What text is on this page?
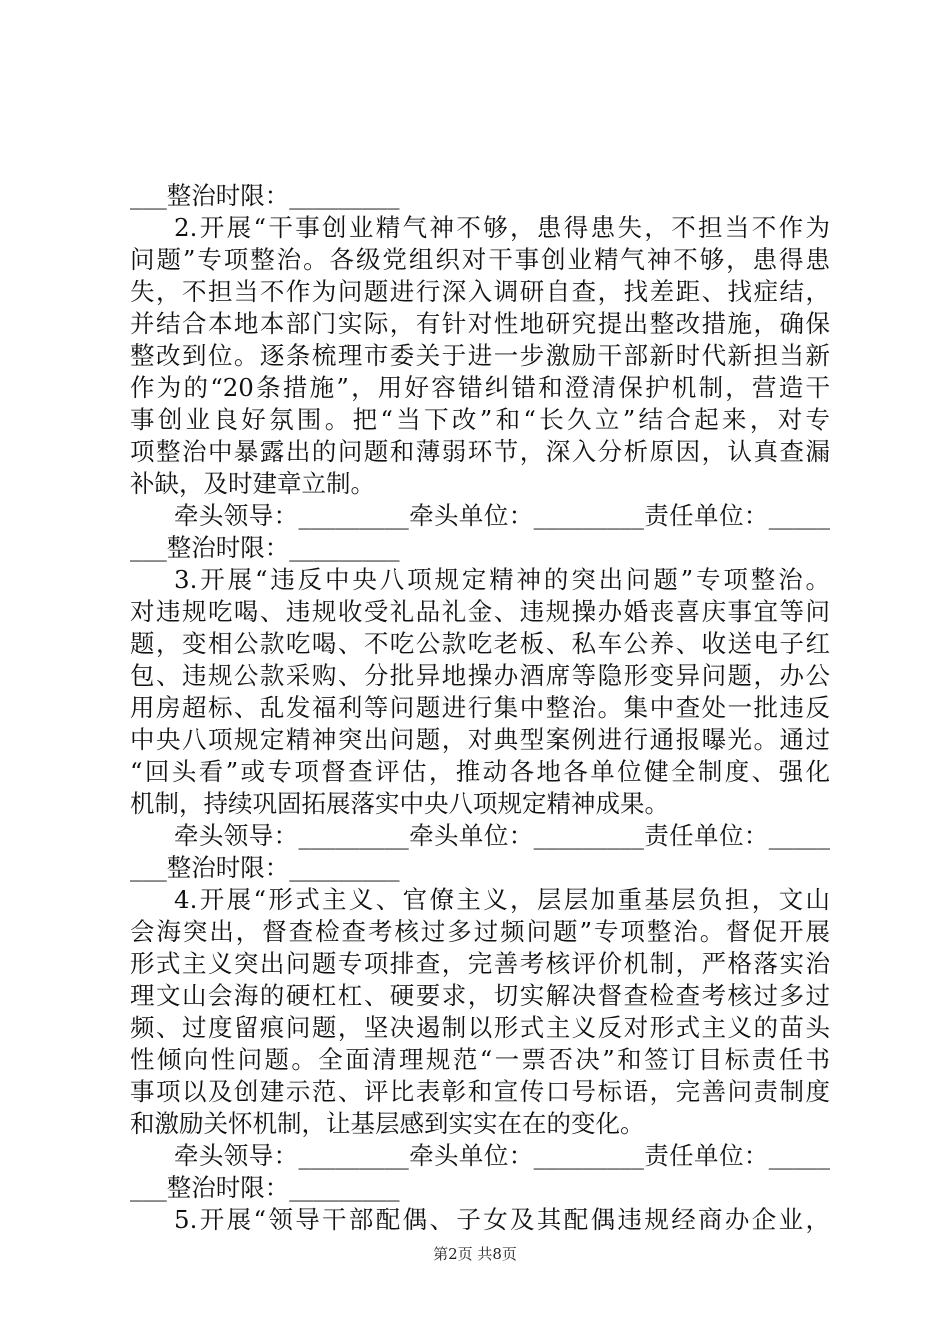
___整治时限：_________
2.开展“干事创业精气神不够，患得患失，不担当不作为
问题”专项整治。各级党组织对干事创业精气神不够，患得患
失，不担当不作为问题进行深入调研自查，找差距、找症结，
并结合本地本部门实际，有针对性地研究提出整改措施，确保
整改到位。逐条梳理市委关于进一步激励干部新时代新担当新
作为的“20条措施”，用好容错纠错和澄清保护机制，营造干
事创业良好氛围。把“当下改”和“长久立”结合起来，对专
项整治中暴露出的问题和薄弱环节，深入分析原因，认真查漏
补缺，及时建章立制。
牵头领导：_________牵头单位：_________责任单位：_____
___整治时限：_________
3.开展“违反中央八项规定精神的突出问题”专项整治。
对违规吃喝、违规收受礼品礼金、违规操办婚丧喜庆事宜等问
题，变相公款吃喝、不吃公款吃老板、私车公养、收送电子红
包、违规公款采购、分批异地操办酒席等隐形变异问题，办公
用房超标、乱发福利等问题进行集中整治。集中查处一批违反
中央八项规定精神突出问题，对典型案例进行通报曝光。通过
“回头看”或专项督查评估，推动各地各单位健全制度、强化
机制，持续巩固拓展落实中央八项规定精神成果。
牵头领导：_________牵头单位：_________责任单位：_____
___整治时限：_________
4.开展“形式主义、官僚主义，层层加重基层负担，文山
会海突出，督查检查考核过多过频问题”专项整治。督促开展
形式主义突出问题专项排查，完善考核评价机制，严格落实治
理文山会海的硬杠杠、硬要求，切实解决督查检查考核过多过
频、过度留痕问题，坚决遏制以形式主义反对形式主义的苗头
性倾向性问题。全面清理规范“一票否决”和签订目标责任书
事项以及创建示范、评比表彰和宣传口号标语，完善问责制度
和激励关怀机制，让基层感到实实在在的变化。
牵头领导：_________牵头单位：_________责任单位：_____
___整治时限：_________
5.开展“领导干部配偶、子女及其配偶违规经商办企业，
第2页 共8页
